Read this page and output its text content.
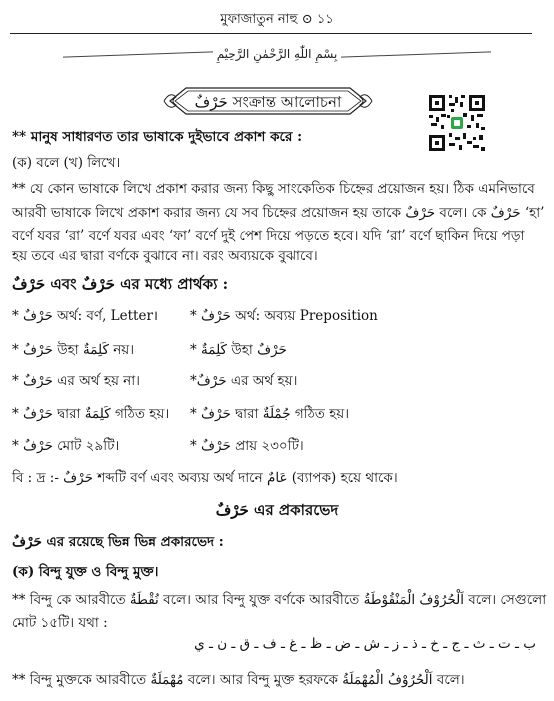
মুফাজাতুন নাহু ⊙ ১১
بِسْمِ اللّٰهِ الرَّحْمٰنِ الرَّحِيْمِ
حَرْفٌ সংক্রান্ত আলোচনা
** মানুষ সাধারণত তার ভাষাকে দুইভাবে প্রকাশ করে :
(ক) বলে (খ) লিখে।
** যে কোন ভাষাকে লিখে প্রকাশ করার জন্য কিছু সাংকেতিক চিহ্নের প্রয়োজন হয়। ঠিক এমনিভাবে
আরবী ভাষাকে লিখে প্রকাশ করার জন্য যে সব চিহ্নের প্রয়োজন হয় তাকে حَرْفٌ বলে। কে حَرْفٌ ‘হা’
বর্ণে যবর ‘রা’ বর্ণে যবর এবং ‘ফা’ বর্ণে দুই পেশ দিয়ে পড়তে হবে। যদি ‘রা’ বর্ণে ছাকিন দিয়ে পড়া
হয় তবে এর দ্বারা বর্ণকে বুঝাবে না। বরং অব্যয়কে বুঝাবে।
حَرْفٌ এবং حَرْفٌ এর মধ্যে প্রার্থক্য :
* حَرْفٌ অর্থ: বর্ণ, Letter। * حَرْفٌ অর্থ: অব্যয় Preposition
* حَرْفٌ উহা كَلِمَةٌ নয়।	* كَلِمَةٌ উহা حَرْفٌ
* حَرْفٌ এর অর্থ হয় না।	*حَرْفٌ এর অর্থ হয়।
* حَرْفٌ দ্বারা كَلِمَةٌ গঠিত হয়। * حَرْفٌ দ্বারা جُمْلَةٌ গঠিত হয়।
* حَرْفٌ মোট ২৯টি।	* حَرْفٌ প্রায় ২৩০টি।
বি : দ্র :- حَرْفٌ শব্দটি বর্ণ এবং অব্যয় অর্থ দানে عَامٌ (ব্যাপক) হয়ে থাকে।
حَرْفٌ এর প্রকারভেদ
حَرْفٌ এর রয়েছে ভিন্ন ভিন্ন প্রকারভেদ :
(ক) বিন্দু যুক্ত ও বিন্দু মুক্ত।
** বিন্দু কে আরবীতে نُقْطَةٌ বলে। আর বিন্দু যুক্ত বর্ণকে আরবীতে اَلْحُرُوْفُ الْمَنْقُوْطَةُ বলে। সেগুলো
মোট ১৫টি। যথা :
ب ـ ت ـ ث ـ ج ـ خ ـ ذ ـ ز ـ ش ـ ض ـ ظ ـ غ ـ ف ـ ق ـ ن ـ ي
** বিন্দু মুক্তকে আরবীতে مُهْمَلَةٌ বলে। আর বিন্দু মুক্ত হরফকে اَلْحُرُوْفُ الْمُهْمَلَةُ বলে।
